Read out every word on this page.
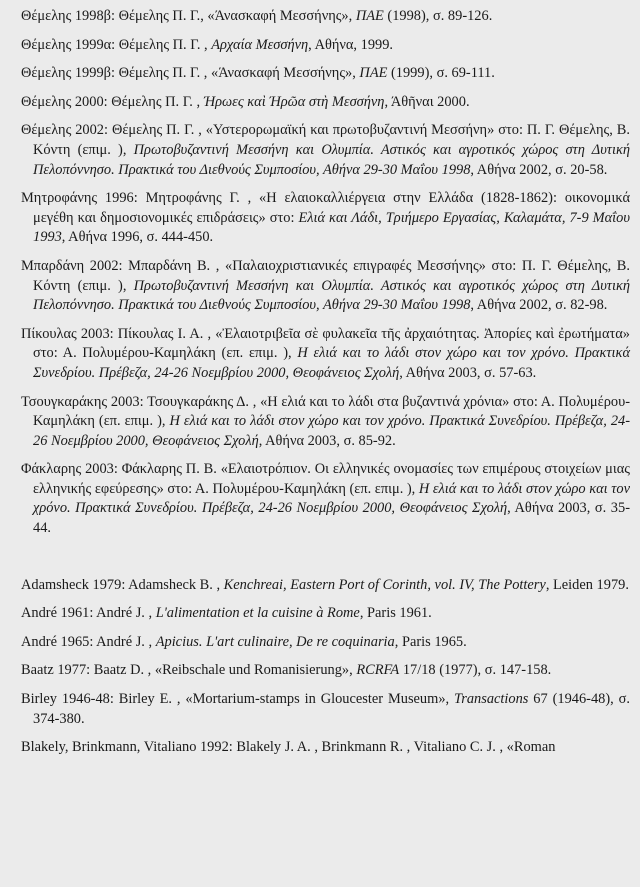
Θέμελης 1998β: Θέμελης Π. Γ., «Άνασκαφή Μεσσήνης», ΠΑΕ (1998), σ. 89-126.

Θέμελης 1999α: Θέμελης Π. Γ. , Αρχαία Μεσσήνη, Αθήνα, 1999.

Θέμελης 1999β: Θέμελης Π. Γ. , «Άνασκαφή Μεσσήνης», ΠΑΕ (1999), σ. 69-111.

Θέμελης 2000: Θέμελης Π. Γ. , Ήρωες καὶ Ήρῶα στὴ Μεσσήνη, Άθῆναι 2000.

Θέμελης 2002: Θέμελης Π. Γ. , «Υστερορωμαϊκή και πρωτοβυζαντινή Μεσσήνη» στο: Π. Γ. Θέμελης, Β. Κόντη (επιμ. ), Πρωτοβυζαντινή Μεσσήνη και Ολυμπία. Αστικός και αγροτικός χώρος στη Δυτική Πελοπόννησο. Πρακτικά του Διεθνούς Συμποσίου, Αθήνα 29-30 Μαΐου 1998, Αθήνα 2002, σ. 20-58.

Μητροφάνης 1996: Μητροφάνης Γ. , «Η ελαιοκαλλιέργεια στην Ελλάδα (1828-1862): οικονομικά μεγέθη και δημοσιονομικές επιδράσεις» στο: Ελιά και Λάδι, Τριήμερο Εργασίας, Καλαμάτα, 7-9 Μαΐου 1993, Αθήνα 1996, σ. 444-450.

Μπαρδάνη 2002: Μπαρδάνη Β. , «Παλαιοχριστιανικές επιγραφές Μεσσήνης» στο: Π. Γ. Θέμελης, Β. Κόντη (επιμ. ), Πρωτοβυζαντινή Μεσσήνη και Ολυμπία. Αστικός και αγροτικός χώρος στη Δυτική Πελοπόννησο. Πρακτικά του Διεθνούς Συμποσίου, Αθήνα 29-30 Μαΐου 1998, Αθήνα 2002, σ. 82-98.

Πίκουλας 2003: Πίκουλας Ι. Α. , «Ἐλαιοτριβεῖα σὲ φυλακεῖα τῆς ἀρχαιότητας. Ἀπορίες καὶ ἐρωτήματα» στο: Α. Πολυμέρου-Καμηλάκη (επ. επιμ. ), Η ελιά και το λάδι στον χώρο και τον χρόνο. Πρακτικά Συνεδρίου. Πρέβεζα, 24-26 Νοεμβρίου 2000, Θεοφάνειος Σχολή, Αθήνα 2003, σ. 57-63.

Τσουγκαράκης 2003: Τσουγκαράκης Δ. , «Η ελιά και το λάδι στα βυζαντινά χρόνια» στο: Α. Πολυμέρου-Καμηλάκη (επ. επιμ. ), Η ελιά και το λάδι στον χώρο και τον χρόνο. Πρακτικά Συνεδρίου. Πρέβεζα, 24-26 Νοεμβρίου 2000, Θεοφάνειος Σχολή, Αθήνα 2003, σ. 85-92.

Φάκλαρης 2003: Φάκλαρης Π. Β. «Ελαιοτρόπιον. Οι ελληνικές ονομασίες των επιμέρους στοιχείων μιας ελληνικής εφεύρεσης» στο: Α. Πολυμέρου-Καμηλάκη (επ. επιμ. ), Η ελιά και το λάδι στον χώρο και τον χρόνο. Πρακτικά Συνεδρίου. Πρέβεζα, 24-26 Νοεμβρίου 2000, Θεοφάνειος Σχολή, Αθήνα 2003, σ. 35-44.

Adamsheck 1979: Adamsheck B. , Kenchreai, Eastern Port of Corinth, vol. IV, The Pottery, Leiden 1979.

André 1961: André J. , L'alimentation et la cuisine à Rome, Paris 1961.

André 1965: André J. , Apicius. L'art culinaire, De re coquinaria, Paris 1965.

Baatz 1977: Baatz D. , «Reibschale und Romanisierung», RCRFA 17/18 (1977), σ. 147-158.

Birley 1946-48: Birley E. , «Mortarium-stamps in Gloucester Museum», Transactions 67 (1946-48), σ. 374-380.

Blakely, Brinkmann, Vitaliano 1992: Blakely J. A. , Brinkmann R. , Vitaliano C. J. , «Roman
